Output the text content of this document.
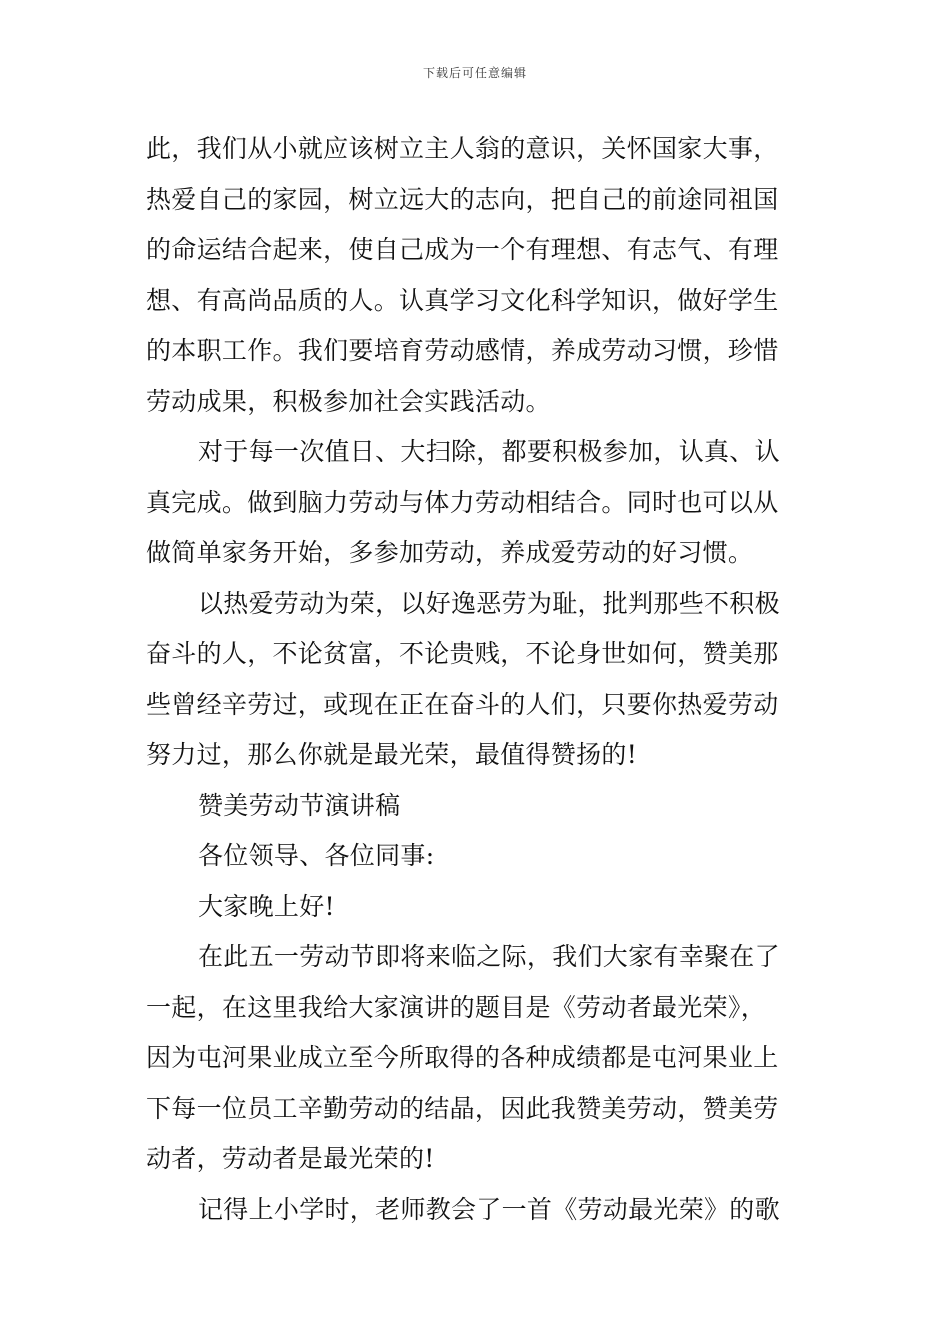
下载后可任意编辑

此，我们从小就应该树立主人翁的意识，关怀国家大事，

热爱自己的家园，树立远大的志向，把自己的前途同祖国

的命运结合起来，使自己成为一个有理想、有志气、有理

想、有高尚品质的人。认真学习文化科学知识，做好学生

的本职工作。我们要培育劳动感情，养成劳动习惯，珍惜

劳动成果，积极参加社会实践活动。

对于每一次值日、大扫除，都要积极参加，认真、认

真完成。做到脑力劳动与体力劳动相结合。同时也可以从

做简单家务开始，多参加劳动，养成爱劳动的好习惯。

以热爱劳动为荣，以好逸恶劳为耻，批判那些不积极

奋斗的人，不论贫富，不论贵贱，不论身世如何，赞美那

些曾经辛劳过，或现在正在奋斗的人们，只要你热爱劳动

努力过，那么你就是最光荣，最值得赞扬的!

赞美劳动节演讲稿

各位领导、各位同事:

大家晚上好!

在此五一劳动节即将来临之际，我们大家有幸聚在了

一起，在这里我给大家演讲的题目是《劳动者最光荣》，

因为屯河果业成立至今所取得的各种成绩都是屯河果业上

下每一位员工辛勤劳动的结晶，因此我赞美劳动，赞美劳

动者，劳动者是最光荣的!

记得上小学时，老师教会了一首《劳动最光荣》的歌
